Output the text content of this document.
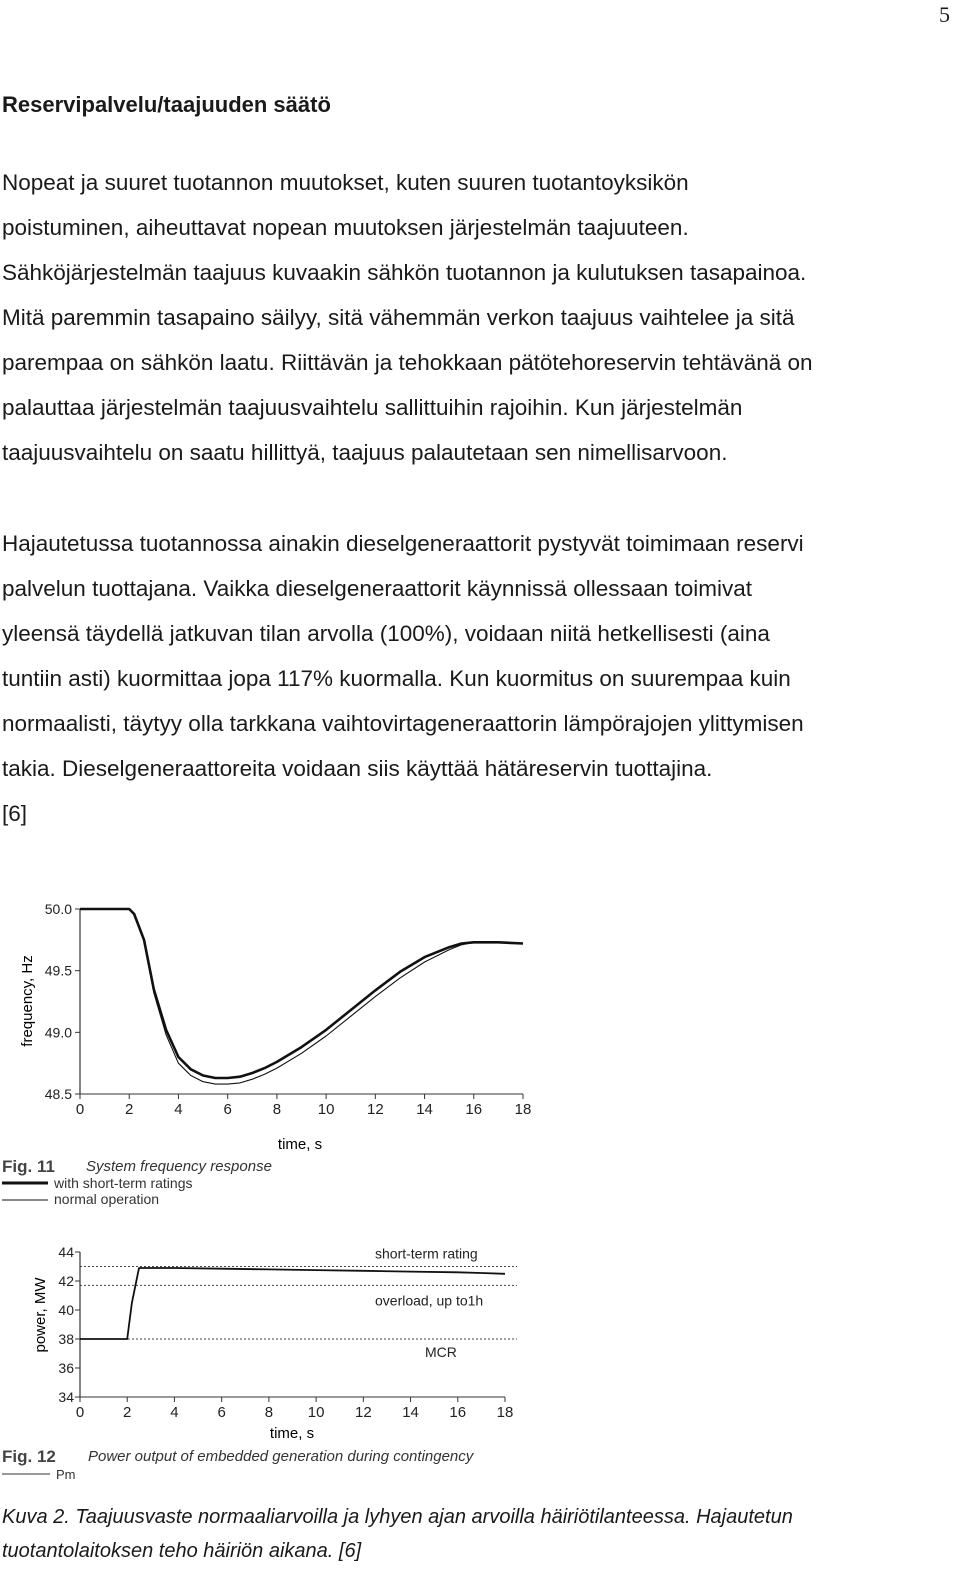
5
Reservipalvelu/taajuuden säätö
Nopeat ja suuret tuotannon muutokset, kuten suuren tuotantoyksikön
poistuminen, aiheuttavat nopean muutoksen järjestelmän taajuuteen.
Sähköjärjestelmän taajuus kuvaakin sähkön tuotannon ja kulutuksen tasapainoa.
Mitä paremmin tasapaino säilyy, sitä vähemmän verkon taajuus vaihtelee ja sitä
parempaa on sähkön laatu. Riittävän ja tehokkaan pätötehoreservin tehtävänä on
palauttaa järjestelmän taajuusvaihtelu sallittuihin rajoihin. Kun järjestelmän
taajuusvaihtelu on saatu hillittyä, taajuus palautetaan sen nimellisarvoon.
Hajautetussa tuotannossa ainakin dieselgeneraattorit pystyvät toimimaan reservi
palvelun tuottajana. Vaikka dieselgeneraattorit käynnissä ollessaan toimivat
yleensä täydellä jatkuvan tilan arvolla (100%), voidaan niitä hetkellisesti (aina
tuntiin asti) kuormittaa jopa 117% kuormalla. Kun kuormitus on suurempaa kuin
normaalisti, täytyy olla tarkkana vaihtovirtageneraattorin lämpörajojen ylittymisen
takia. Dieselgeneraattoreita voidaan siis käyttää hätäreservin tuottajina.
[6]
48.5
49.0
49.5
50.0
0	2	4	6	8 10 12 14 16 18
time, s
frequency, Hz
Fig. 11 System frequency response
with short-term ratings
normal operation
34
36
38
40
42
44
0	2	4	6	8 10 12 14 16 18
short-term rating
overload, up to1h
MCR
time, s
power, MW
Fig. 12 Power output of embedded generation during contingency
Pm
Kuva 2. Taajuusvaste normaaliarvoilla ja lyhyen ajan arvoilla häiriötilanteessa. Hajautetun
tuotantolaitoksen teho häiriön aikana. [6]
